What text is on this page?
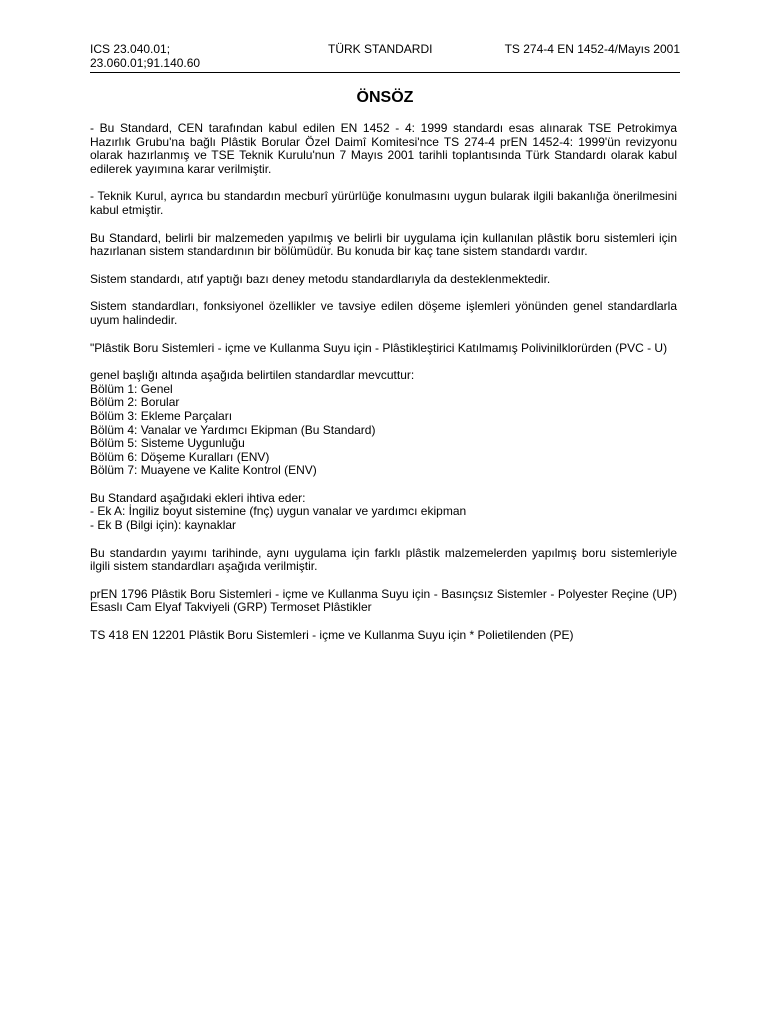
ICS 23.040.01;
23.060.01;91.140.60
TÜRK STANDARDI	TS 274-4 EN 1452-4/Mayıs 2001
ÖNSÖZ

- Bu Standard, CEN tarafından kabul edilen EN 1452 - 4: 1999 standardı esas alınarak TSE Petrokimya Hazırlık Grubu'na bağlı Plâstik Borular Özel Daimî Komitesi'nce TS 274-4 prEN 1452-4: 1999'ün revizyonu olarak hazırlanmış ve TSE Teknik Kurulu'nun 7 Mayıs 2001 tarihli toplantısında Türk Standardı olarak kabul edilerek yayımına karar verilmiştir.

- Teknik Kurul, ayrıca bu standardın mecburî yürürlüğe konulmasını uygun bularak ilgili bakanlığa önerilmesini kabul etmiştir.

Bu Standard, belirli bir malzemeden yapılmış ve belirli bir uygulama için kullanılan plâstik boru sistemleri için hazırlanan sistem standardının bir bölümüdür. Bu konuda bir kaç tane sistem standardı vardır.

Sistem standardı, atıf yaptığı bazı deney metodu standardlarıyla da desteklenmektedir.

Sistem standardları, fonksiyonel özellikler ve tavsiye edilen döşeme işlemleri yönünden genel standardlarla uyum halindedir.

"Plâstik Boru Sistemleri - içme ve Kullanma Suyu için - Plâstikleştirici Katılmamış Polivinilklorürden (PVC - U)

genel başlığı altında aşağıda belirtilen standardlar mevcuttur:
Bölüm 1: Genel
Bölüm 2: Borular
Bölüm 3: Ekleme Parçaları
Bölüm 4: Vanalar ve Yardımcı Ekipman (Bu Standard)
Bölüm 5: Sisteme Uygunluğu
Bölüm 6: Döşeme Kuralları (ENV)
Bölüm 7: Muayene ve Kalite Kontrol (ENV)

Bu Standard aşağıdaki ekleri ihtiva eder:
- Ek A: İngiliz boyut sistemine (fnç) uygun vanalar ve yardımcı ekipman
- Ek B (Bilgi için): kaynaklar

Bu standardın yayımı tarihinde, aynı uygulama için farklı plâstik malzemelerden yapılmış boru sistemleriyle ilgili sistem standardları aşağıda verilmiştir.

prEN 1796 Plâstik Boru Sistemleri - içme ve Kullanma Suyu için - Basınçsız Sistemler - Polyester Reçine (UP) Esaslı Cam Elyaf Takviyeli (GRP) Termoset Plâstikler

TS 418 EN 12201 Plâstik Boru Sistemleri - içme ve Kullanma Suyu için * Polietilenden (PE)
